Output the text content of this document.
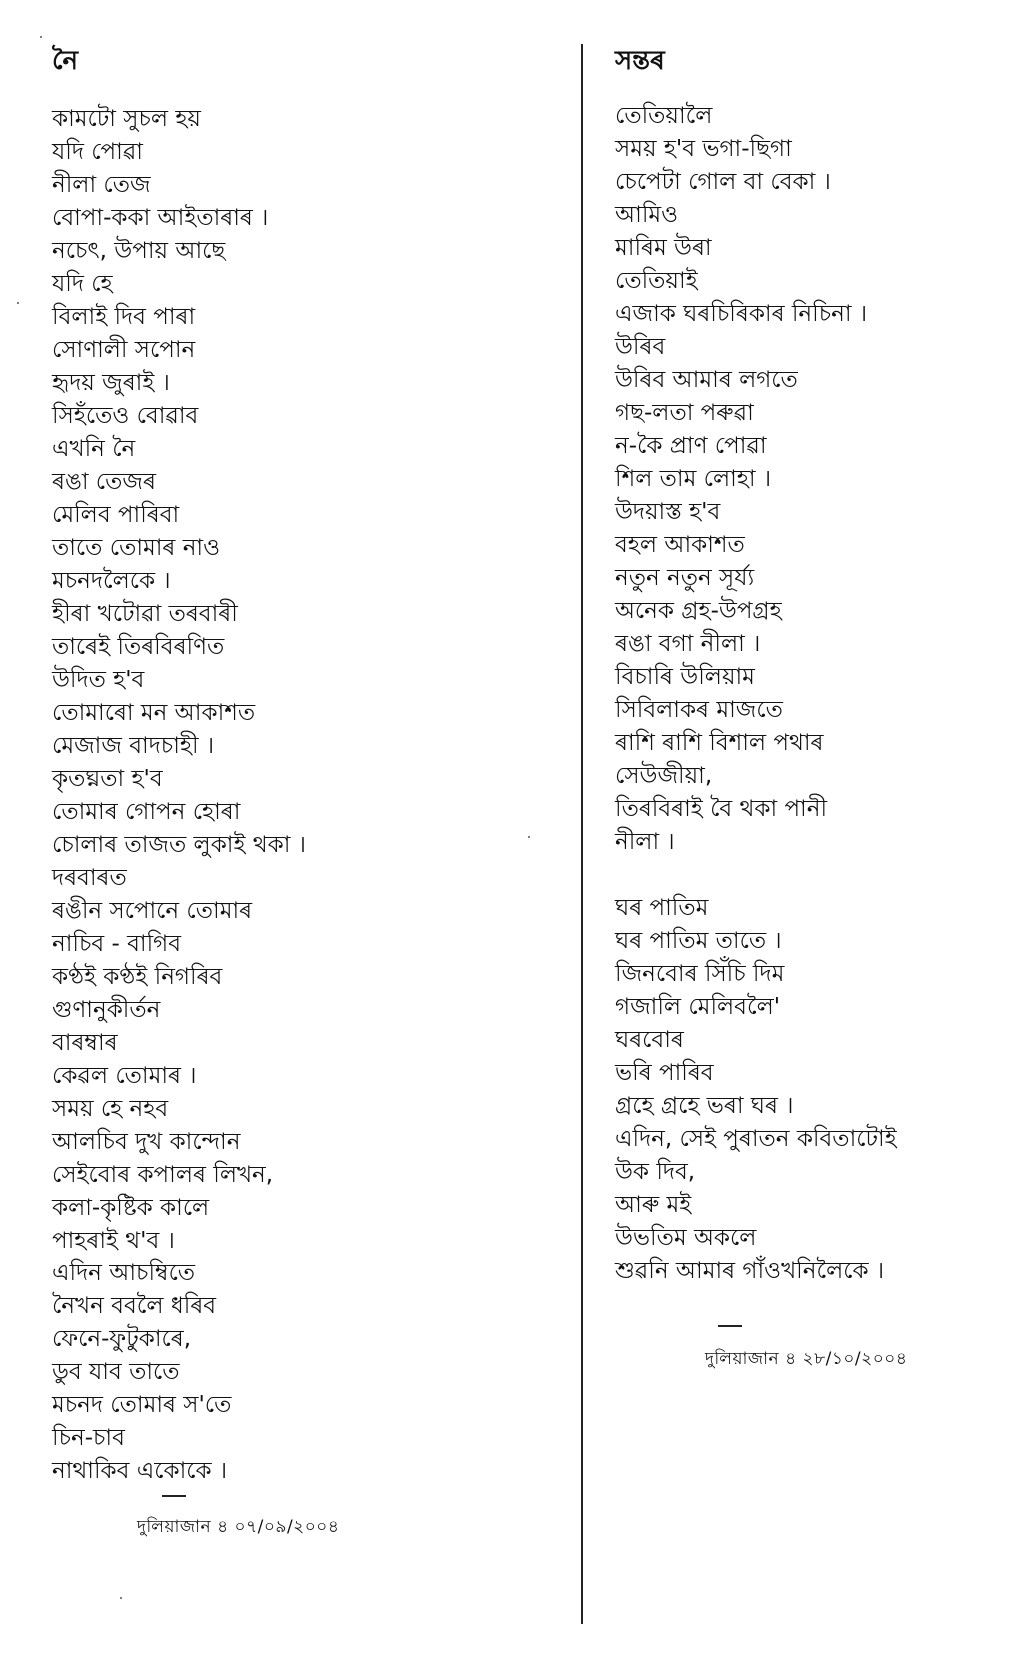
নৈ
কামটো সুচল হয়
যদি পোৱা
নীলা তেজ
বোপা-ককা আইতাৰাৰ ।
নচেৎ, উপায় আছে
যদি হে
বিলাই দিব পাৰা
সোণালী সপোন
হৃদয় জুৰাই ।
সিহঁতেও বোৱাব
এখনি নৈ
ৰঙা তেজৰ
মেলিব পাৰিবা
তাতে তোমাৰ নাও
মচনদলৈকে ।
হীৰা খটোৱা তৰবাৰী
তাৰেই তিৰবিৰণিত
উদিত হ'ব
তোমাৰো মন আকাশত
মেজাজ বাদচাহী ।
কৃতঘ্নতা হ'ব
তোমাৰ গোপন হোৰা
চোলাৰ তাজত লুকাই থকা ।
দৰবাৰত
ৰঙীন সপোনে তোমাৰ
নাচিব - বাগিব
কণ্ঠই কণ্ঠই নিগৰিব
গুণানুকীৰ্তন
বাৰম্বাৰ
কেৱল তোমাৰ ।
সময় হে নহব
আলচিব দুখ কান্দোন
সেইবোৰ কপালৰ লিখন,
কলা-কৃষ্টিক কালে
পাহৰাই থ'ব ।
এদিন আচম্বিতে
নৈখন ববলৈ ধৰিব
ফেনে-ফুটুকাৰে,
ডুব যাব তাতে
মচনদ তোমাৰ স'তে
চিন-চাব
নাথাকিব একোকে ।
দুলিয়াজান ৪ ০৭/০৯/২০০৪
সন্তৰ
তেতিয়ালৈ
সময় হ'ব ভগা-ছিগা
চেপেটা গোল বা বেকা ।
আমিও
মাৰিম উৰা
তেতিয়াই
এজাক ঘৰচিৰিকাৰ নিচিনা ।
উৰিব
উৰিব আমাৰ লগতে
গছ-লতা পৰুৱা
ন-কৈ প্ৰাণ পোৱা
শিল তাম লোহা ।
উদয়াস্ত হ'ব
বহল আকাশত
নতুন নতুন সূৰ্য্য
অনেক গ্ৰহ-উপগ্ৰহ
ৰঙা বগা নীলা ।
বিচাৰি উলিয়াম
সিবিলাকৰ মাজতে
ৰাশি ৰাশি বিশাল পথাৰ
সেউজীয়া,
তিৰবিৰাই বৈ থকা পানী
নীলা ।
ঘৰ পাতিম
ঘৰ পাতিম তাতে ।
জিনবোৰ সিঁচি দিম
গজালি মেলিবলৈ'
ঘৰবোৰ
ভৰি পাৰিব
গ্ৰহে গ্ৰহে ভৰা ঘৰ ।
এদিন, সেই পুৰাতন কবিতাটোই
উক দিব,
আৰু মই
উভতিম অকলে
শুৱনি আমাৰ গাঁওখনিলৈকে ।
দুলিয়াজান ৪ ২৮/১০/২০০৪
